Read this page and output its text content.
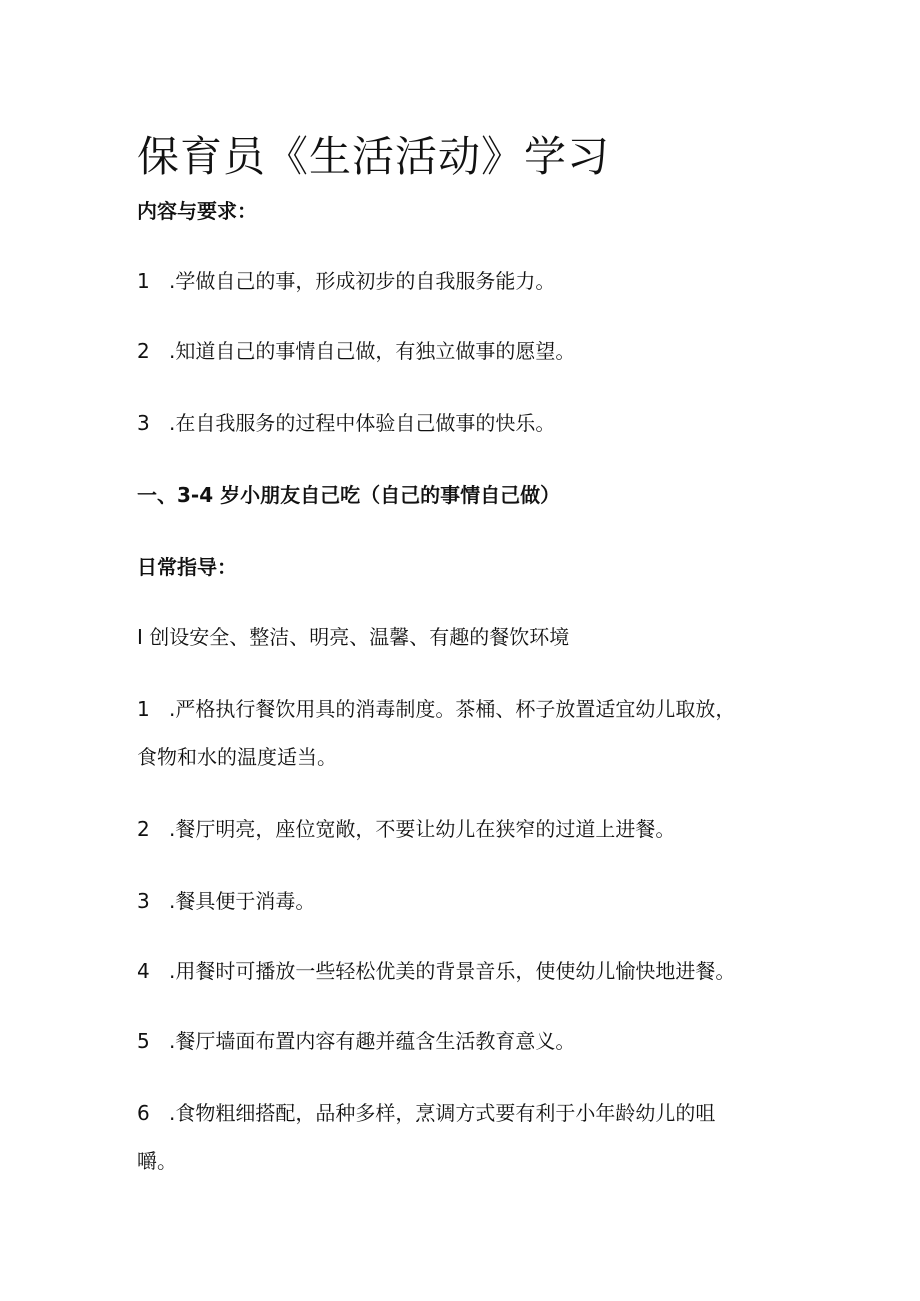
保育员《生活活动》学习

内容与要求：

1 .学做自己的事，形成初步的自我服务能力。

2 .知道自己的事情自己做，有独立做事的愿望。

3 .在自我服务的过程中体验自己做事的快乐。

一、3-4 岁小朋友自己吃（自己的事情自己做）

日常指导：

I 创设安全、整洁、明亮、温馨、有趣的餐饮环境

1 .严格执行餐饮用具的消毒制度。茶桶、杯子放置适宜幼儿取放，

食物和水的温度适当。

2 .餐厅明亮，座位宽敞，不要让幼儿在狭窄的过道上进餐。

3 .餐具便于消毒。

4 .用餐时可播放一些轻松优美的背景音乐，使使幼儿愉快地进餐。

5 .餐厅墙面布置内容有趣并蕴含生活教育意义。

6 .食物粗细搭配，品种多样，烹调方式要有利于小年龄幼儿的咀

嚼。
